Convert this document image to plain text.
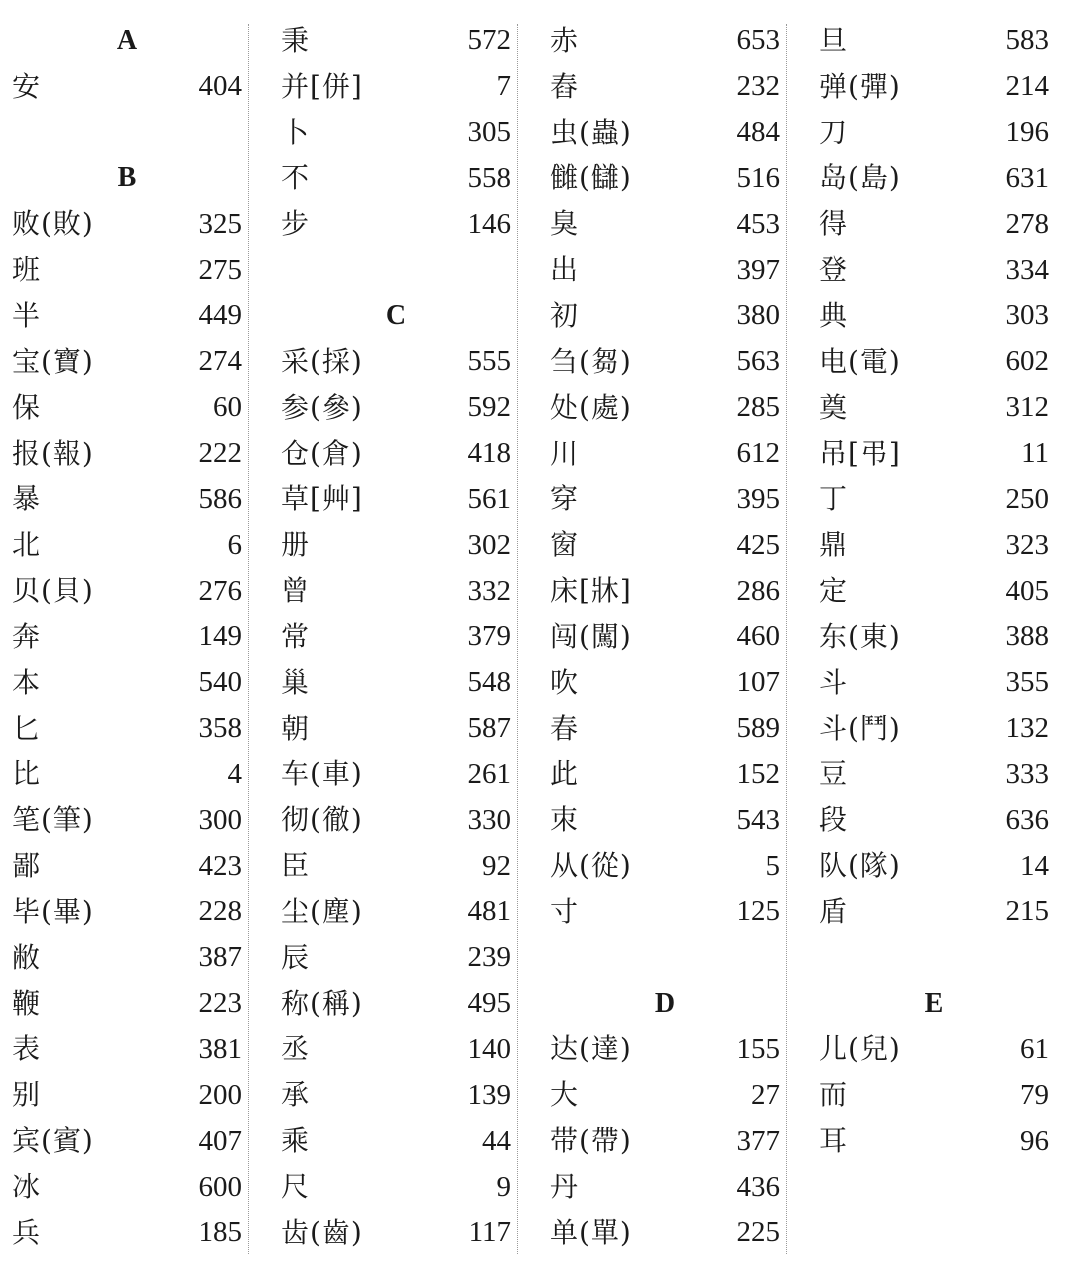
A
安	404
B
败(敗)	325
班	275
半	449
宝(寶)	274
保	60
报(報)	222
暴	586
北	6
贝(貝)	276
奔	149
本	540
匕	358
比	4
笔(筆)	300
鄙	423
毕(畢)	228
敝	387
鞭	223
表	381
别	200
宾(賓)	407
冰	600
兵	185
秉	572
并[併]	7
卜	305
不	558
步	146
C
采(採)	555
参(參)	592
仓(倉)	418
草[艸]	561
册	302
曾	332
常	379
巢	548
朝	587
车(車)	261
彻(徹)	330
臣	92
尘(塵)	481
辰	239
称(稱)	495
丞	140
承	139
乘	44
尺	9
齿(齒)	117
赤	653
舂	232
虫(蟲)	484
雠(讎)	516
臭	453
出	397
初	380
刍(芻)	563
处(處)	285
川	612
穿	395
窗	425
床[牀]	286
闯(闖)	460
吹	107
春	589
此	152
朿	543
从(從)	5
寸	125
D
达(達)	155
大	27
带(帶)	377
丹	436
单(單)	225
旦	583
弹(彈)	214
刀	196
岛(島)	631
得	278
登	334
典	303
电(電)	602
奠	312
吊[弔]	11
丁	250
鼎	323
定	405
东(東)	388
斗	355
斗(鬥)	132
豆	333
段	636
队(隊)	14
盾	215
E
儿(兒)	61
而	79
耳	96
